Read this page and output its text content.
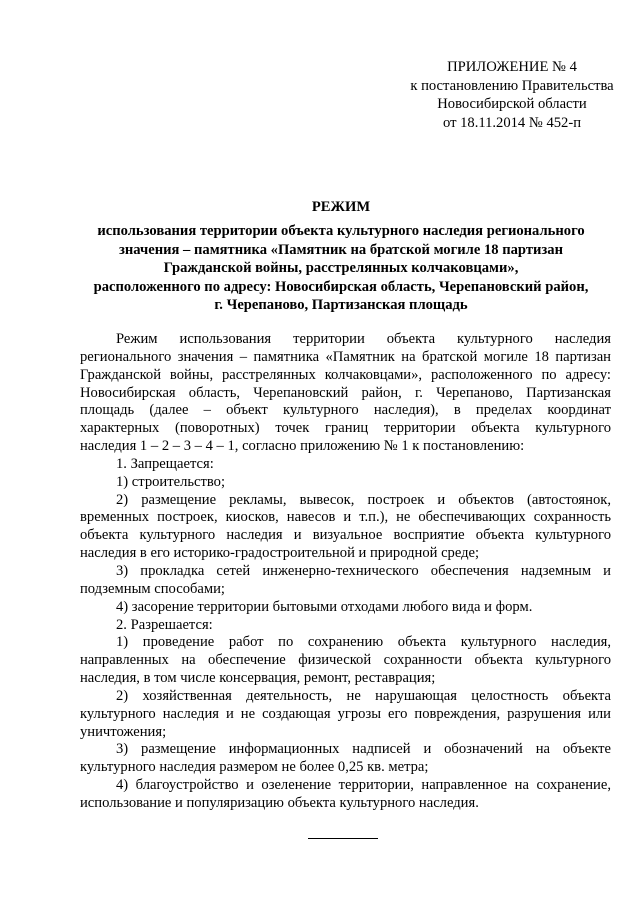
ПРИЛОЖЕНИЕ № 4
к постановлению Правительства
Новосибирской области
от 18.11.2014 № 452-п
РЕЖИМ
использования территории объекта культурного наследия регионального
значения – памятника «Памятник на братской могиле 18 партизан
Гражданской войны, расстрелянных колчаковцами»,
расположенного по адресу: Новосибирская область, Черепановский район,
г. Черепаново, Партизанская площадь
Режим использования территории объекта культурного наследия
регионального значения – памятника «Памятник на братской могиле 18 партизан
Гражданской войны, расстрелянных колчаковцами», расположенного по адресу:
Новосибирская область, Черепановский район, г. Черепаново, Партизанская
площадь (далее – объект культурного наследия), в пределах координат
характерных (поворотных) точек границ территории объекта культурного
наследия 1 – 2 – 3 – 4 – 1, согласно приложению № 1 к постановлению:
1. Запрещается:
1) строительство;
2) размещение рекламы, вывесок, построек и объектов (автостоянок,
временных построек, киосков, навесов и т.п.), не обеспечивающих сохранность
объекта культурного наследия и визуальное восприятие объекта культурного
наследия в его историко-градостроительной и природной среде;
3) прокладка сетей инженерно-технического обеспечения надземным и
подземным способами;
4) засорение территории бытовыми отходами любого вида и форм.
2. Разрешается:
1) проведение работ по сохранению объекта культурного наследия,
направленных на обеспечение физической сохранности объекта культурного
наследия, в том числе консервация, ремонт, реставрация;
2) хозяйственная деятельность, не нарушающая целостность объекта
культурного наследия и не создающая угрозы его повреждения, разрушения или
уничтожения;
3) размещение информационных надписей и обозначений на объекте
культурного наследия размером не более 0,25 кв. метра;
4) благоустройство и озеленение территории, направленное на сохранение,
использование и популяризацию объекта культурного наследия.
